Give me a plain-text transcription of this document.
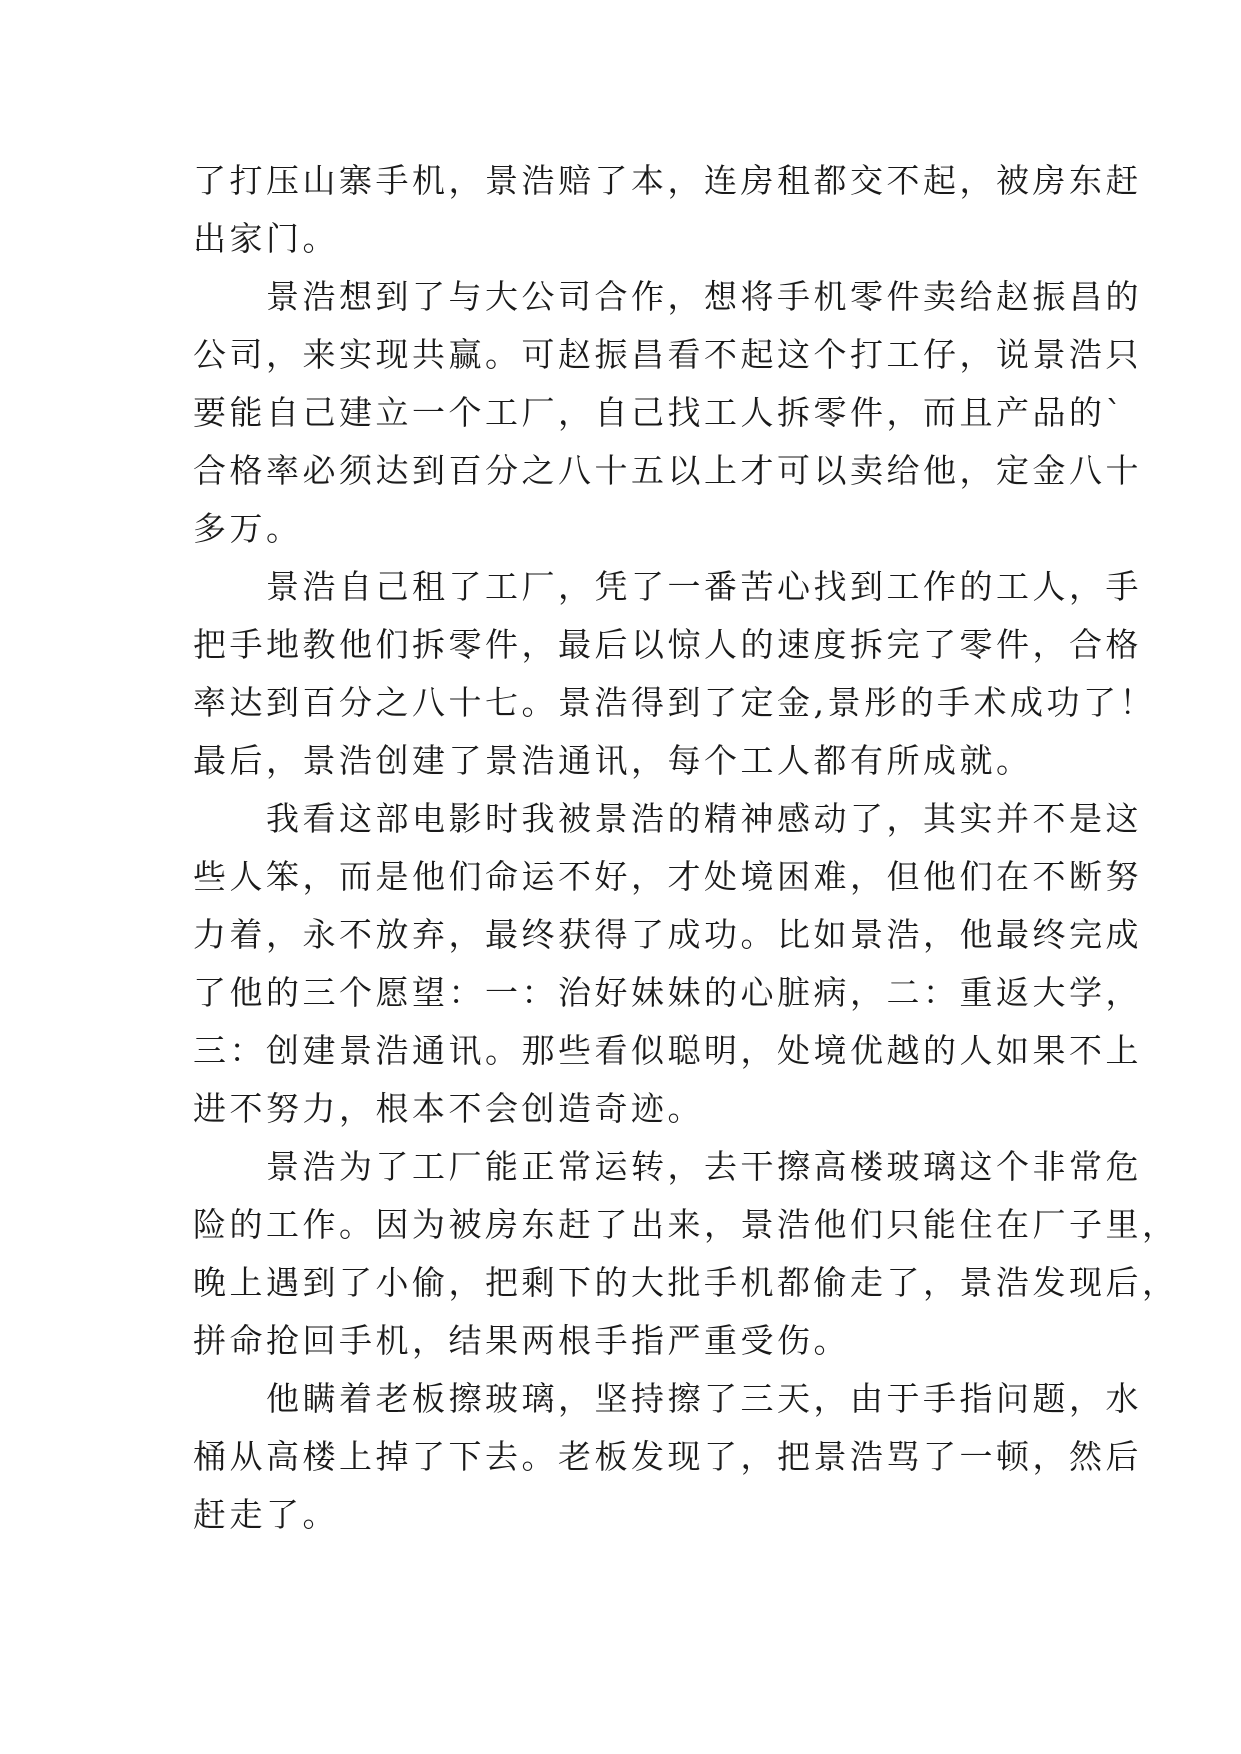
了打压山寨手机，景浩赔了本，连房租都交不起，被房东赶
出家门。
　　景浩想到了与大公司合作，想将手机零件卖给赵振昌的
公司，来实现共赢。可赵振昌看不起这个打工仔，说景浩只
要能自己建立一个工厂，自己找工人拆零件，而且产品的`
合格率必须达到百分之八十五以上才可以卖给他，定金八十
多万。
　　景浩自己租了工厂，凭了一番苦心找到工作的工人，手
把手地教他们拆零件，最后以惊人的速度拆完了零件，合格
率达到百分之八十七。景浩得到了定金,景彤的手术成功了！
最后，景浩创建了景浩通讯，每个工人都有所成就。
　　我看这部电影时我被景浩的精神感动了，其实并不是这
些人笨，而是他们命运不好，才处境困难，但他们在不断努
力着，永不放弃，最终获得了成功。比如景浩，他最终完成
了他的三个愿望：一：治好妹妹的心脏病，二：重返大学，
三：创建景浩通讯。那些看似聪明，处境优越的人如果不上
进不努力，根本不会创造奇迹。
　　景浩为了工厂能正常运转，去干擦高楼玻璃这个非常危
险的工作。因为被房东赶了出来，景浩他们只能住在厂子里，
晚上遇到了小偷，把剩下的大批手机都偷走了，景浩发现后，
拼命抢回手机，结果两根手指严重受伤。
　　他瞒着老板擦玻璃，坚持擦了三天，由于手指问题，水
桶从高楼上掉了下去。老板发现了，把景浩骂了一顿，然后
赶走了。
